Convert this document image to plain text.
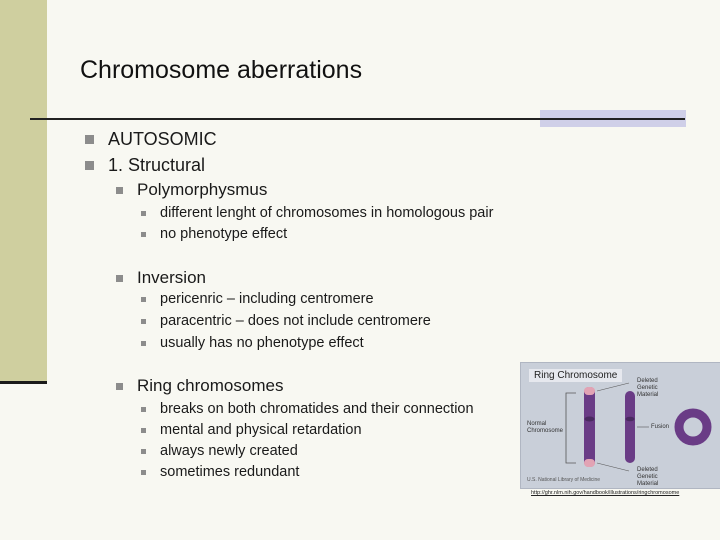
Chromosome aberrations
AUTOSOMIC
1. Structural
Polymorphysmus
different lenght of chromosomes in homologous pair
no phenotype effect
Inversion
pericenric – including centromere
paracentric – does not include centromere
usually has no phenotype effect
Ring chromosomes
breaks on both chromatides and their connection
mental and physical retardation
always newly created
sometimes redundant
Ring Chromosome	Deleted Genetic Material
Normal Chromosome
Fusion
Deleted Genetic Material
U.S. National Library of Medicine
http://ghr.nlm.nih.gov/handbook/illustrations/ringchromosome
